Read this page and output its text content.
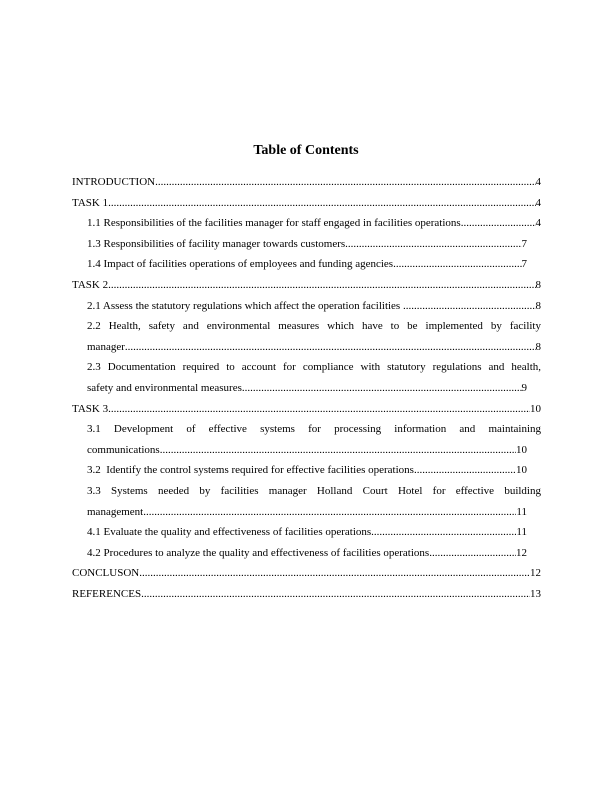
Table of Contents
INTRODUCTION .....	4
TASK 1 .....	4
1.1 Responsibilities of the facilities manager for staff engaged in facilities operations .....	4
1.3 Responsibilities of facility manager towards customers .....	7
1.4 Impact of facilities operations of employees and funding agencies .....	7
TASK 2 .....	8
2.1 Assess the statutory regulations which affect the operation facilities .....	8
2.2 Health, safety and environmental measures which have to be implemented by facility
manager .....	8
2.3 Documentation required to account for compliance with statutory regulations and health,
safety and environmental measures .....	9
TASK 3 .....	10
3.1 Development of effective systems for processing information and maintaining
communications .....	10
3.2  Identify the control systems required for effective facilities operations .....	10
3.3 Systems needed by facilities manager Holland Court Hotel for effective building
management .....	11
4.1 Evaluate the quality and effectiveness of facilities operations .....	11
4.2 Procedures to analyze the quality and effectiveness of facilities operations .....	12
CONCLUSON .....	12
REFERENCES .....	13
